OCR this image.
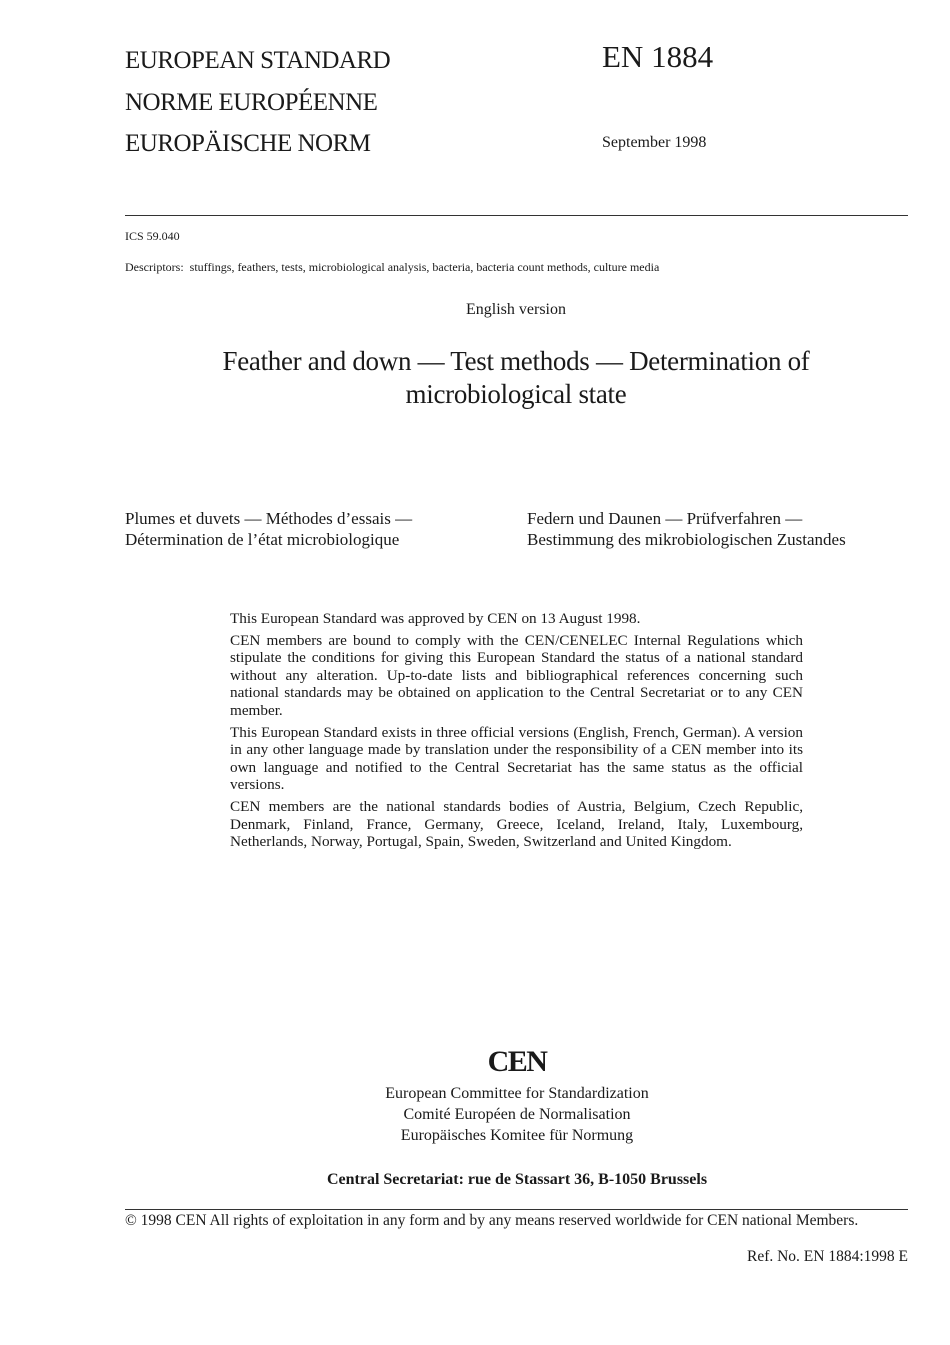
EUROPEAN STANDARD
NORME EUROPÉENNE
EUROPÄISCHE NORM
EN 1884
September 1998
ICS 59.040
Descriptors: stuffings, feathers, tests, microbiological analysis, bacteria, bacteria count methods, culture media
English version
Feather and down — Test methods — Determination of
microbiological state
Plumes et duvets — Méthodes d’essais —
Détermination de l’état microbiologique
Federn und Daunen — Prüfverfahren —
Bestimmung des mikrobiologischen Zustandes

This European Standard was approved by CEN on 13 August 1998.

CEN members are bound to comply with the CEN/CENELEC Internal Regulations which stipulate the conditions for giving this European Standard the status of a national standard without any alteration. Up-to-date lists and bibliographical references concerning such national standards may be obtained on application to the Central Secretariat or to any CEN member.

This European Standard exists in three official versions (English, French, German). A version in any other language made by translation under the responsibility of a CEN member into its own language and notified to the Central Secretariat has the same status as the official versions.

CEN members are the national standards bodies of Austria, Belgium, Czech Republic, Denmark, Finland, France, Germany, Greece, Iceland, Ireland, Italy, Luxembourg, Netherlands, Norway, Portugal, Spain, Sweden, Switzerland and United Kingdom.

CEN
European Committee for Standardization
Comité Européen de Normalisation
Europäisches Komitee für Normung
Central Secretariat: rue de Stassart 36, B-1050 Brussels
© 1998 CEN All rights of exploitation in any form and by any means reserved worldwide for CEN national Members.
Ref. No. EN 1884:1998 E
